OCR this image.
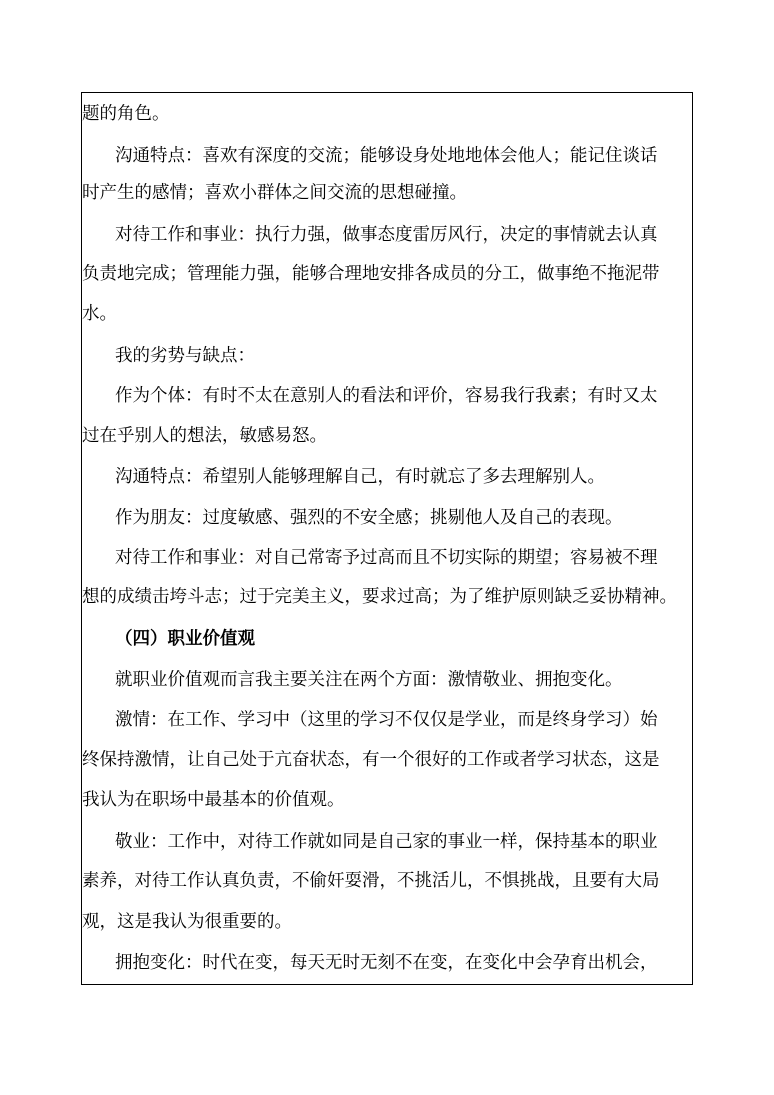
题的角色。
沟通特点：喜欢有深度的交流；能够设身处地地体会他人；能记住谈话
时产生的感情；喜欢小群体之间交流的思想碰撞。
对待工作和事业：执行力强，做事态度雷厉风行，决定的事情就去认真
负责地完成；管理能力强，能够合理地安排各成员的分工，做事绝不拖泥带
水。
我的劣势与缺点：
作为个体：有时不太在意别人的看法和评价，容易我行我素；有时又太
过在乎别人的想法，敏感易怒。
沟通特点：希望别人能够理解自己，有时就忘了多去理解别人。
作为朋友：过度敏感、强烈的不安全感；挑剔他人及自己的表现。
对待工作和事业：对自己常寄予过高而且不切实际的期望；容易被不理
想的成绩击垮斗志；过于完美主义，要求过高；为了维护原则缺乏妥协精神。
（四）职业价值观
就职业价值观而言我主要关注在两个方面：激情敬业、拥抱变化。
激情：在工作、学习中（这里的学习不仅仅是学业，而是终身学习）始
终保持激情，让自己处于亢奋状态，有一个很好的工作或者学习状态，这是
我认为在职场中最基本的价值观。
敬业：工作中，对待工作就如同是自己家的事业一样，保持基本的职业
素养，对待工作认真负责，不偷奸耍滑，不挑活儿，不惧挑战，且要有大局
观，这是我认为很重要的。
拥抱变化：时代在变，每天无时无刻不在变，在变化中会孕育出机会，
